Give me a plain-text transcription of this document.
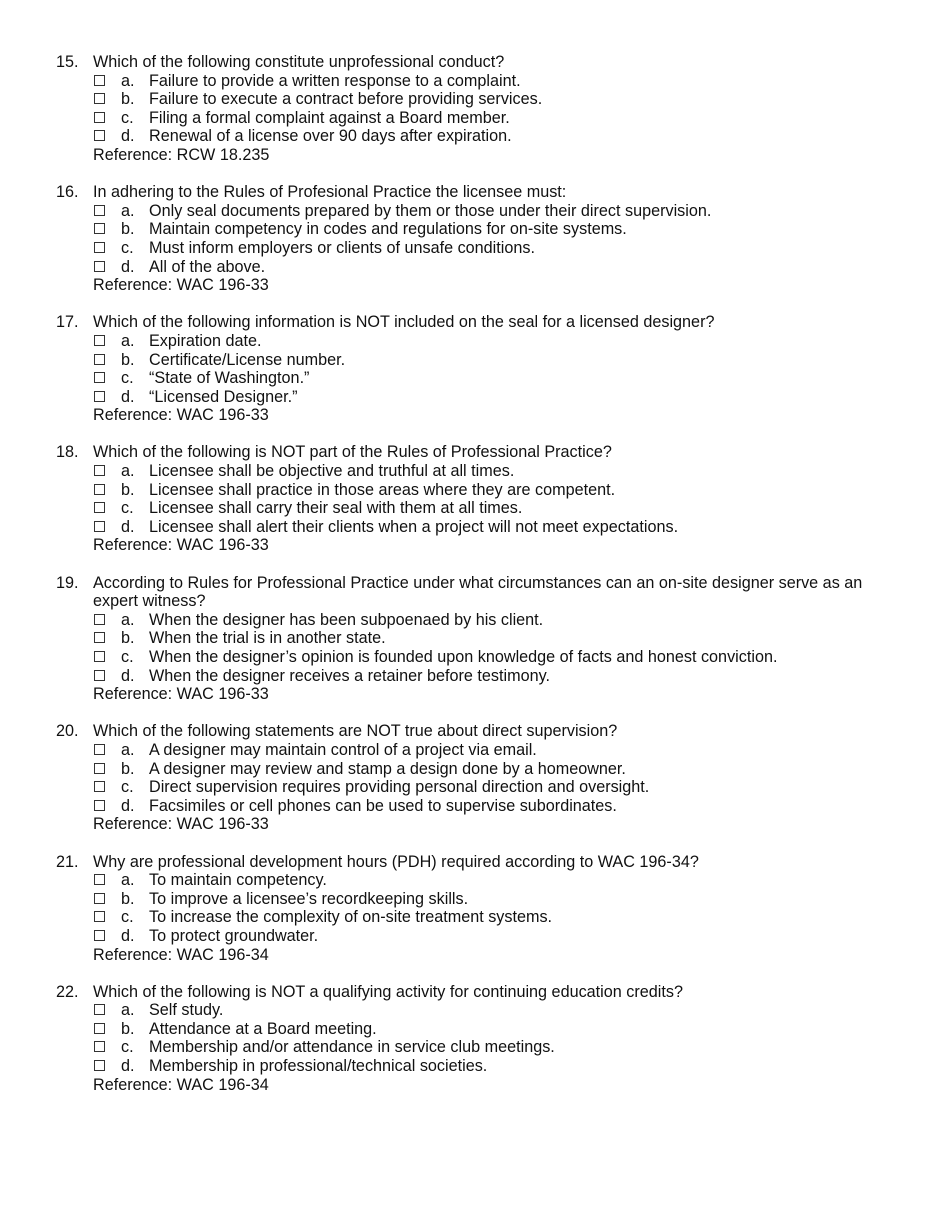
15. Which of the following constitute unprofessional conduct?
a. Failure to provide a written response to a complaint.
b. Failure to execute a contract before providing services.
c. Filing a formal complaint against a Board member.
d. Renewal of a license over 90 days after expiration.
Reference: RCW 18.235
16. In adhering to the Rules of Profesional Practice the licensee must:
a. Only seal documents prepared by them or those under their direct supervision.
b. Maintain competency in codes and regulations for on-site systems.
c. Must inform employers or clients of unsafe conditions.
d. All of the above.
Reference: WAC 196-33
17. Which of the following information is NOT included on the seal for a licensed designer?
a. Expiration date.
b. Certificate/License number.
c. “State of Washington.”
d. “Licensed Designer.”
Reference: WAC 196-33
18. Which of the following is NOT part of the Rules of Professional Practice?
a. Licensee shall be objective and truthful at all times.
b. Licensee shall practice in those areas where they are competent.
c. Licensee shall carry their seal with them at all times.
d. Licensee shall alert their clients when a project will not meet expectations.
Reference: WAC 196-33
19. According to Rules for Professional Practice under what circumstances can an on-site designer serve as an expert witness?
a. When the designer has been subpoenaed by his client.
b. When the trial is in another state.
c. When the designer’s opinion is founded upon knowledge of facts and honest conviction.
d. When the designer receives a retainer before testimony.
Reference: WAC 196-33
20. Which of the following statements are NOT true about direct supervision?
a. A designer may maintain control of a project via email.
b. A designer may review and stamp a design done by a homeowner.
c. Direct supervision requires providing personal direction and oversight.
d. Facsimiles or cell phones can be used to supervise subordinates.
Reference: WAC 196-33
21. Why are professional development hours (PDH) required according to WAC 196-34?
a. To maintain competency.
b. To improve a licensee’s recordkeeping skills.
c. To increase the complexity of on-site treatment systems.
d. To protect groundwater.
Reference: WAC 196-34
22. Which of the following is NOT a qualifying activity for continuing education credits?
a. Self study.
b. Attendance at a Board meeting.
c. Membership and/or attendance in service club meetings.
d. Membership in professional/technical societies.
Reference: WAC 196-34
